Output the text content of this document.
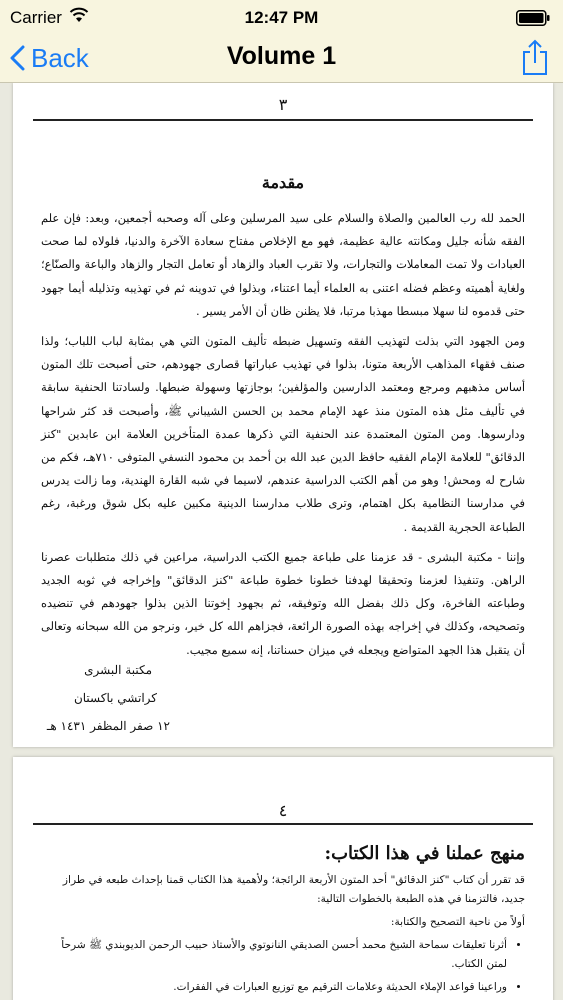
Carrier	12:47 PM
Back	Volume 1
٣
مقدمة

الحمد لله رب العالمين والصلاة والسلام على سيد المرسلين وعلى آله وصحبه أجمعين، وبعد: فإن علم الفقه شأنه جليل ومكانته عالية عظيمة، فهو مع الإخلاص مفتاح سعادة الآخرة والدنيا، فلولاه لما صحت العبادات ولا تمت المعاملات والتجارات، ولا تقرب العباد والزهاد أو تعامل التجار والزهاد والباعة والصنّاع؛ ولغاية أهميته وعظم فضله اعتنى به العلماء أيما اعتناء، وبذلوا في تدوينه ثم في تهذيبه وتذليله أيما جهود حتى قدموه لنا سهلا مبسطا مهذبا مرتبا، فلا يظنن ظان أن الأمر يسير .

ومن الجهود التي بذلت لتهذيب الفقه وتسهيل ضبطه تأليف المتون التي هي بمثابة لباب اللباب؛ ولذا صنف فقهاء المذاهب الأربعة متونا، بذلوا في تهذيب عباراتها قصارى جهودهم، حتى أصبحت تلك المتون أساس مذهبهم ومرجع ومعتمد الدارسين والمؤلفين؛ بوجازتها وسهولة ضبطها. ولسادتنا الحنفية سابقة في تأليف مثل هذه المتون منذ عهد الإمام محمد بن الحسن الشيباني ﷺ، وأصبحت قد كثر شراحها ودارسوها. ومن المتون المعتمدة عند الحنفية التي ذكرها عمدة المتأخرين العلامة ابن عابدين "كنز الدقائق" للعلامة الإمام الفقيه حافظ الدين عبد الله بن أحمد بن محمود النسفي المتوفى ٧١٠هـ، فكم من شارح له ومحش! وهو من أهم الكتب الدراسية عندهم، لاسيما في شبه القارة الهندية، وما زالت يدرس في مدارسنا النظامية بكل اهتمام، وترى طلاب مدارسنا الدينية مكبين عليه بكل شوق ورغبة، رغم الطباعة الحجرية القديمة .

وإننا - مكتبة البشرى - قد عزمنا على طباعة جميع الكتب الدراسية، مراعين في ذلك متطلبات عصرنا الراهن. وتنفيذا لعزمنا وتحقيقا لهدفنا خطونا خطوة طباعة "كنز الدقائق" وإخراجه في ثوبه الجديد وطباعته الفاخرة، وكل ذلك بفضل الله وتوفيقه، ثم بجهود إخوتنا الذين بذلوا جهودهم في تنضيده وتصحيحه، وكذلك في إخراجه بهذه الصورة الرائعة، فجزاهم الله كل خير، ونرجو من الله سبحانه وتعالى أن يتقبل هذا الجهد المتواضع ويجعله في ميزان حسناتنا، إنه سميع مجيب.

مكتبة البشرى
كراتشي باكستان
١٢ صفر المظفر ١٤٣١ هـ
٤
منهج عملنا في هذا الكتاب:

قد تقرر أن كتاب "كنز الدقائق" أحد المتون الأربعة الرائجة؛ ولأهمية هذا الكتاب قمنا بإحداث طبعه في طراز جديد، فالتزمنا في هذه الطبعة بالخطوات التالية:

أولاً من ناحية التصحيح والكتابة:

• أثرنا تعليقات سماحة الشيخ محمد أحسن الصديقي النانوتوي والأستاذ حبيب الرحمن الديوبندي ﷺ شرحاً لمتن الكتاب.
• وراعينا قواعد الإملاء الحديثة وعلامات الترقيم مع توزيع العبارات في الفقرات.
